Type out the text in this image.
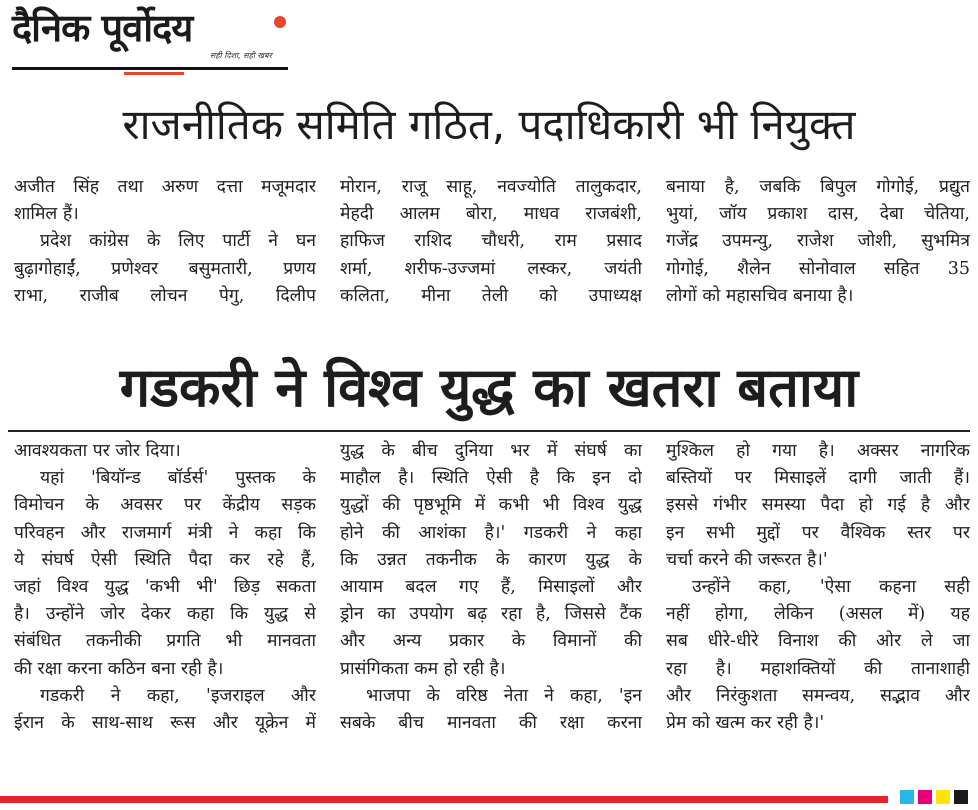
दैनिक पूर्वोदय
सही दिशा, सही खबर
राजनीतिक समिति गठित, पदाधिकारी भी नियुक्त
अजीत सिंह तथा अरुण दत्ता मजूमदार
शामिल हैं।
प्रदेश कांग्रेस के लिए पार्टी ने घन
बुढ़ागोहाईं, प्रणेश्वर बसुमतारी, प्रणय
राभा, राजीब लोचन पेगु, दिलीप
मोरान, राजू साहू, नवज्योति तालुकदार,
मेहदी आलम बोरा, माधव राजबंशी,
हाफिज राशिद चौधरी, राम प्रसाद
शर्मा, शरीफ-उज्जमां लस्कर, जयंती
कलिता, मीना तेली को उपाध्यक्ष
बनाया है, जबकि बिपुल गोगोई, प्रद्युत
भुयां, जॉय प्रकाश दास, देबा चेतिया,
गजेंद्र उपमन्यु, राजेश जोशी, सुभमित्र
गोगोई, शैलेन सोनोवाल सहित 35
लोगों को महासचिव बनाया है।
गडकरी ने विश्व युद्ध का खतरा बताया
आवश्यकता पर जोर दिया।
यहां 'बियॉन्ड बॉर्डर्स' पुस्तक के
विमोचन के अवसर पर केंद्रीय सड़क
परिवहन और राजमार्ग मंत्री ने कहा कि
ये संघर्ष ऐसी स्थिति पैदा कर रहे हैं,
जहां विश्व युद्ध 'कभी भी' छिड़ सकता
है। उन्होंने जोर देकर कहा कि युद्ध से
संबंधित तकनीकी प्रगति भी मानवता
की रक्षा करना कठिन बना रही है।
गडकरी ने कहा, 'इजराइल और
ईरान के साथ-साथ रूस और यूक्रेन में
युद्ध के बीच दुनिया भर में संघर्ष का
माहौल है। स्थिति ऐसी है कि इन दो
युद्धों की पृष्ठभूमि में कभी भी विश्व युद्ध
होने की आशंका है।' गडकरी ने कहा
कि उन्नत तकनीक के कारण युद्ध के
आयाम बदल गए हैं, मिसाइलों और
ड्रोन का उपयोग बढ़ रहा है, जिससे टैंक
और अन्य प्रकार के विमानों की
प्रासंगिकता कम हो रही है।
भाजपा के वरिष्ठ नेता ने कहा, 'इन
सबके बीच मानवता की रक्षा करना
मुश्किल हो गया है। अक्सर नागरिक
बस्तियों पर मिसाइलें दागी जाती हैं।
इससे गंभीर समस्या पैदा हो गई है और
इन सभी मुद्दों पर वैश्विक स्तर पर
चर्चा करने की जरूरत है।'
उन्होंने कहा, 'ऐसा कहना सही
नहीं होगा, लेकिन (असल में) यह
सब धीरे-धीरे विनाश की ओर ले जा
रहा है। महाशक्तियों की तानाशाही
और निरंकुशता समन्वय, सद्भाव और
प्रेम को खत्म कर रही है।'
